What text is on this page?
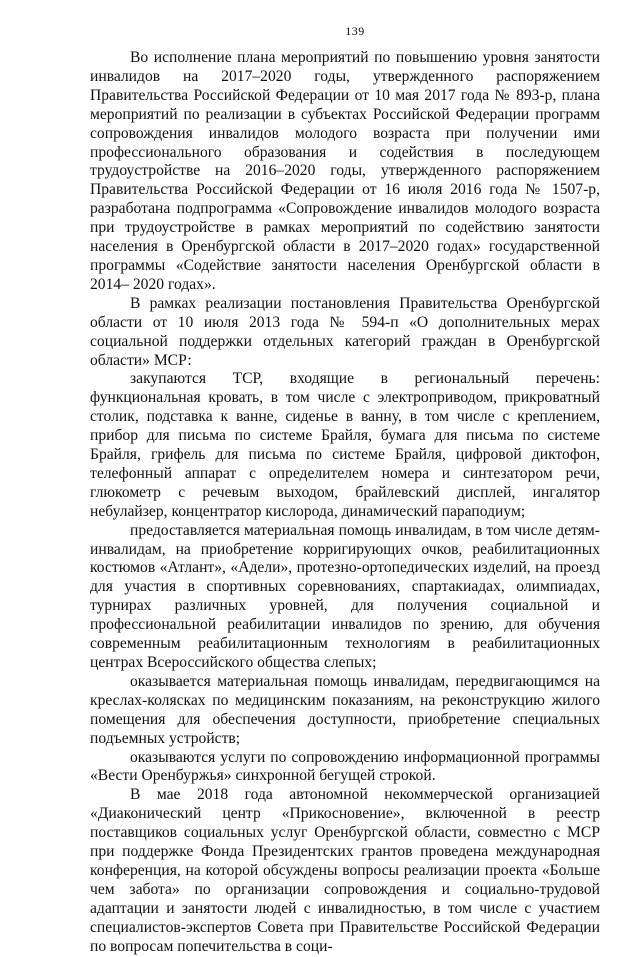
139

Во исполнение плана мероприятий по повышению уровня занятости инвалидов на 2017–2020 годы, утвержденного распоряжением Правительства Российской Федерации от 10 мая 2017 года № 893-р, плана мероприятий по реализации в субъектах Российской Федерации программ сопровождения инвалидов молодого возраста при получении ими профессионального образования и содействия в последующем трудоустройстве на 2016–2020 годы, утвержденного распоряжением Правительства Российской Федерации от 16 июля 2016 года № 1507-р, разработана подпрограмма «Сопровождение инвалидов молодого возраста при трудоустройстве в рамках мероприятий по содействию занятости населения в Оренбургской области в 2017–2020 годах» государственной программы «Содействие занятости населения Оренбургской области в 2014– 2020 годах».

В рамках реализации постановления Правительства Оренбургской области от 10 июля 2013 года № 594-п «О дополнительных мерах социальной поддержки отдельных категорий граждан в Оренбургской области» МСР:

закупаются ТСР, входящие в региональный перечень: функциональная кровать, в том числе с электроприводом, прикроватный столик, подставка к ванне, сиденье в ванну, в том числе с креплением, прибор для письма по системе Брайля, бумага для письма по системе Брайля, грифель для письма по системе Брайля, цифровой диктофон, телефонный аппарат с определителем номера и синтезатором речи, глюкометр с речевым выходом, брайлевский дисплей, ингалятор небулайзер, концентратор кислорода, динамический параподиум;

предоставляется материальная помощь инвалидам, в том числе детям-инвалидам, на приобретение корригирующих очков, реабилитационных костюмов «Атлант», «Адели», протезно-ортопедических изделий, на проезд для участия в спортивных соревнованиях, спартакиадах, олимпиадах, турнирах различных уровней, для получения социальной и профессиональной реабилитации инвалидов по зрению, для обучения современным реабилитационным технологиям в реабилитационных центрах Всероссийского общества слепых;

оказывается материальная помощь инвалидам, передвигающимся на креслах-колясках по медицинским показаниям, на реконструкцию жилого помещения для обеспечения доступности, приобретение специальных подъемных устройств;

оказываются услуги по сопровождению информационной программы «Вести Оренбуржья» синхронной бегущей строкой.

В мае 2018 года автономной некоммерческой организацией «Диаконический центр «Прикосновение», включенной в реестр поставщиков социальных услуг Оренбургской области, совместно с МСР при поддержке Фонда Президентских грантов проведена международная конференция, на которой обсуждены вопросы реализации проекта «Больше чем забота» по организации сопровождения и социально-трудовой адаптации и занятости людей с инвалидностью, в том числе с участием специалистов-экспертов Совета при Правительстве Российской Федерации по вопросам попечительства в соци-
